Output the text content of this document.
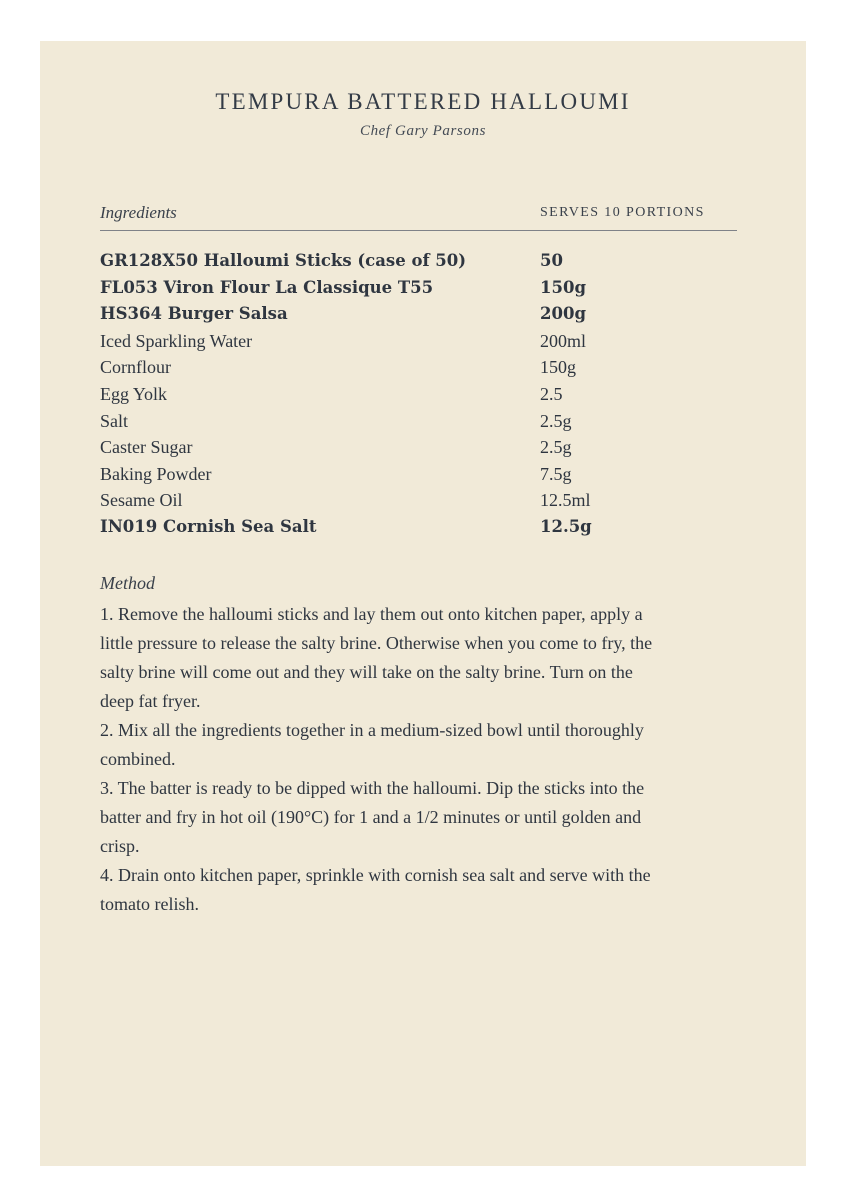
TEMPURA BATTERED HALLOUMI
Chef Gary Parsons
Ingredients	SERVES 10 PORTIONS
GR128X50 Halloumi Sticks (case of 50)	50
FL053 Viron Flour La Classique T55	150g
HS364 Burger Salsa	200g
Iced Sparkling Water	200ml
Cornflour	150g
Egg Yolk	2.5
Salt	2.5g
Caster Sugar	2.5g
Baking Powder	7.5g
Sesame Oil	12.5ml
IN019 Cornish Sea Salt	12.5g
Method

1. Remove the halloumi sticks and lay them out onto kitchen paper, apply a

little pressure to release the salty brine. Otherwise when you come to fry, the

salty brine will come out and they will take on the salty brine. Turn on the

deep fat fryer.

2. Mix all the ingredients together in a medium-sized bowl until thoroughly

combined.

3. The batter is ready to be dipped with the halloumi. Dip the sticks into the

batter and fry in hot oil (190°C) for 1 and a 1/2 minutes or until golden and

crisp.

4. Drain onto kitchen paper, sprinkle with cornish sea salt and serve with the

tomato relish.
